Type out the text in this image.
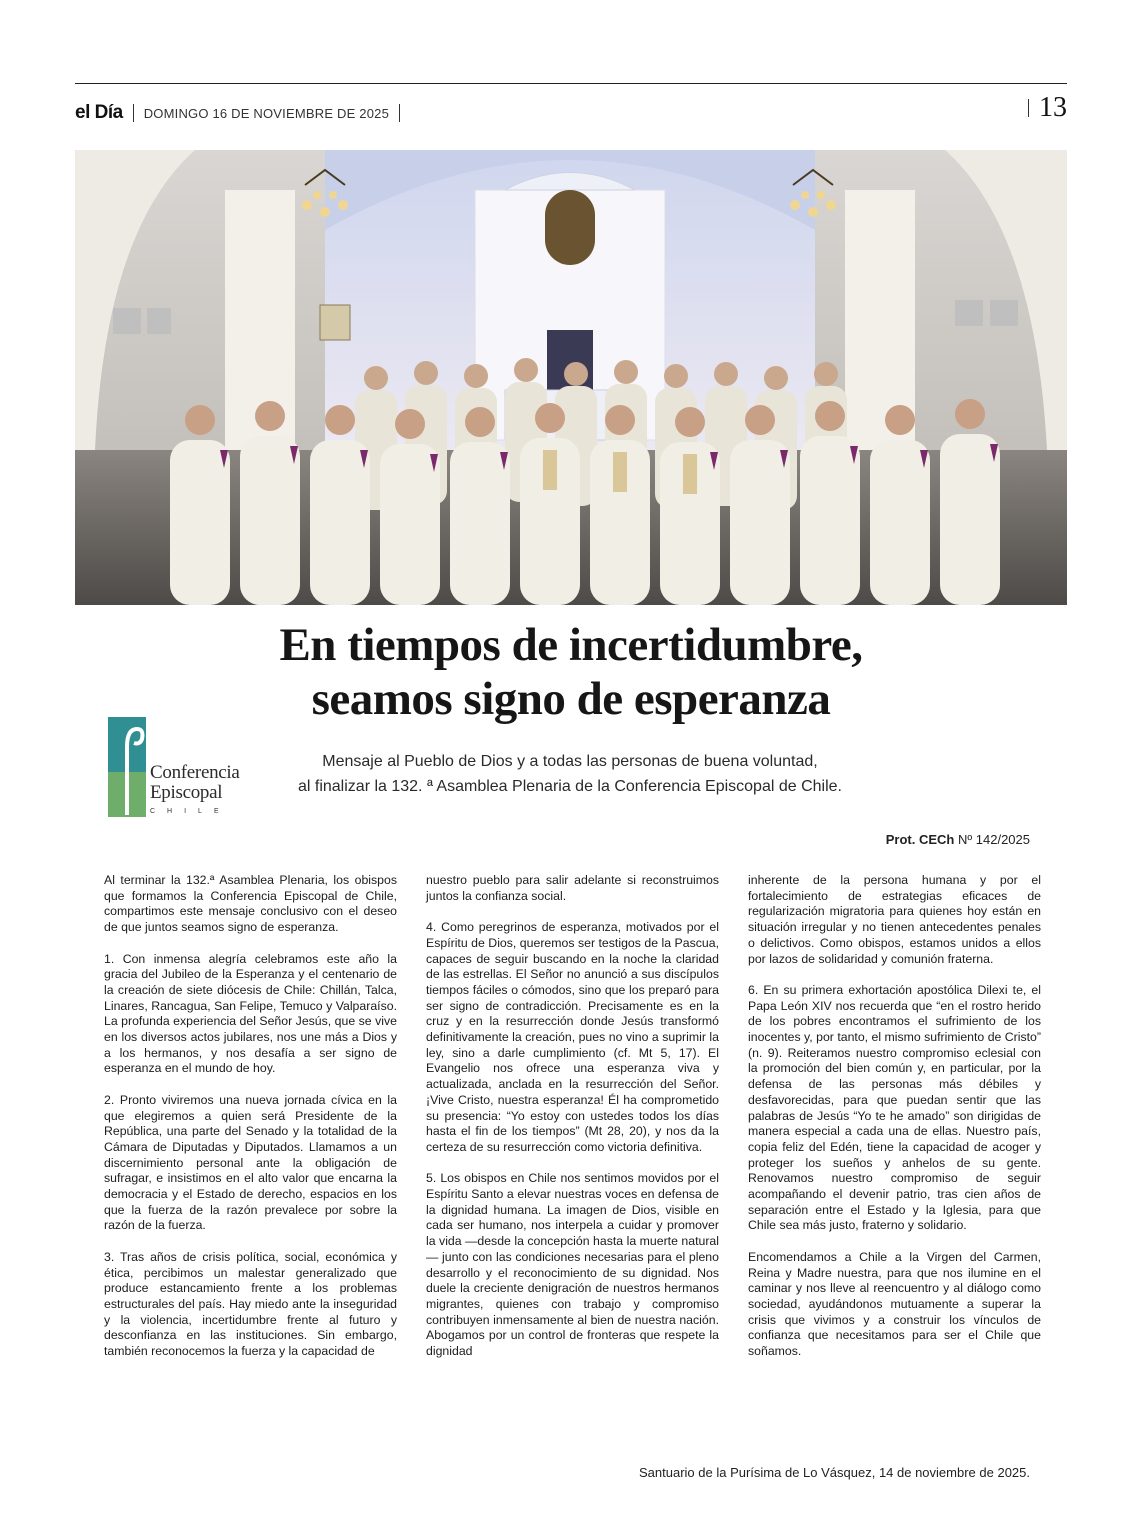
el Día DOMINGO 16 DE NOVIEMBRE DE 2025	13
En tiempos de incertidumbre,
seamos signo de esperanza
Conferencia
Episcopal
CHILE
Mensaje al Pueblo de Dios y a todas las personas de buena voluntad,
al finalizar la 132. ª Asamblea Plenaria de la Conferencia Episcopal de Chile.
Prot. CECh Nº 142/2025

Al terminar la 132.ª Asamblea Plenaria, los obispos que formamos la Conferencia Episcopal de Chile, compartimos este mensaje conclusivo con el deseo de que juntos seamos signo de esperanza.

1. Con inmensa alegría celebramos este año la gracia del Jubileo de la Esperanza y el centenario de la creación de siete diócesis de Chile: Chillán, Talca, Linares, Rancagua, San Felipe, Temuco y Valparaíso. La profunda experiencia del Señor Jesús, que se vive en los diversos actos jubilares, nos une más a Dios y a los hermanos, y nos desafía a ser signo de esperanza en el mundo de hoy.

2. Pronto viviremos una nueva jornada cívica en la que elegiremos a quien será Presidente de la República, una parte del Senado y la totalidad de la Cámara de Diputadas y Diputados. Llamamos a un discernimiento personal ante la obligación de sufragar, e insistimos en el alto valor que encarna la democracia y el Estado de derecho, espacios en los que la fuerza de la razón prevalece por sobre la razón de la fuerza.

3. Tras años de crisis política, social, económica y ética, percibimos un malestar generalizado que produce estancamiento frente a los problemas estructurales del país. Hay miedo ante la inseguridad y la violencia, incertidumbre frente al futuro y desconfianza en las instituciones. Sin embargo, también reconocemos la fuerza y la capacidad de

nuestro pueblo para salir adelante si reconstruimos juntos la confianza social.

4. Como peregrinos de esperanza, motivados por el Espíritu de Dios, queremos ser testigos de la Pascua, capaces de seguir buscando en la noche la claridad de las estrellas. El Señor no anunció a sus discípulos tiempos fáciles o cómodos, sino que los preparó para ser signo de contradicción. Precisamente es en la cruz y en la resurrección donde Jesús transformó definitivamente la creación, pues no vino a suprimir la ley, sino a darle cumplimiento (cf. Mt 5, 17). El Evangelio nos ofrece una esperanza viva y actualizada, anclada en la resurrección del Señor. ¡Vive Cristo, nuestra esperanza! Él ha comprometido su presencia: “Yo estoy con ustedes todos los días hasta el fin de los tiempos” (Mt 28, 20), y nos da la certeza de su resurrección como victoria definitiva.

5. Los obispos en Chile nos sentimos movidos por el Espíritu Santo a elevar nuestras voces en defensa de la dignidad humana. La imagen de Dios, visible en cada ser humano, nos interpela a cuidar y promover la vida —desde la concepción hasta la muerte natural— junto con las condiciones necesarias para el pleno desarrollo y el reconocimiento de su dignidad. Nos duele la creciente denigración de nuestros hermanos migrantes, quienes con trabajo y compromiso contribuyen inmensamente al bien de nuestra nación. Abogamos por un control de fronteras que respete la dignidad

inherente de la persona humana y por el fortalecimiento de estrategias eficaces de regularización migratoria para quienes hoy están en situación irregular y no tienen antecedentes penales o delictivos. Como obispos, estamos unidos a ellos por lazos de solidaridad y comunión fraterna.

6. En su primera exhortación apostólica Dilexi te, el Papa León XIV nos recuerda que “en el rostro herido de los pobres encontramos el sufrimiento de los inocentes y, por tanto, el mismo sufrimiento de Cristo” (n. 9). Reiteramos nuestro compromiso eclesial con la promoción del bien común y, en particular, por la defensa de las personas más débiles y desfavorecidas, para que puedan sentir que las palabras de Jesús “Yo te he amado” son dirigidas de manera especial a cada una de ellas. Nuestro país, copia feliz del Edén, tiene la capacidad de acoger y proteger los sueños y anhelos de su gente. Renovamos nuestro compromiso de seguir acompañando el devenir patrio, tras cien años de separación entre el Estado y la Iglesia, para que Chile sea más justo, fraterno y solidario.

Encomendamos a Chile a la Virgen del Carmen, Reina y Madre nuestra, para que nos ilumine en el caminar y nos lleve al reencuentro y al diálogo como sociedad, ayudándonos mutuamente a superar la crisis que vivimos y a construir los vínculos de confianza que necesitamos para ser el Chile que soñamos.

Santuario de la Purísima de Lo Vásquez, 14 de noviembre de 2025.
